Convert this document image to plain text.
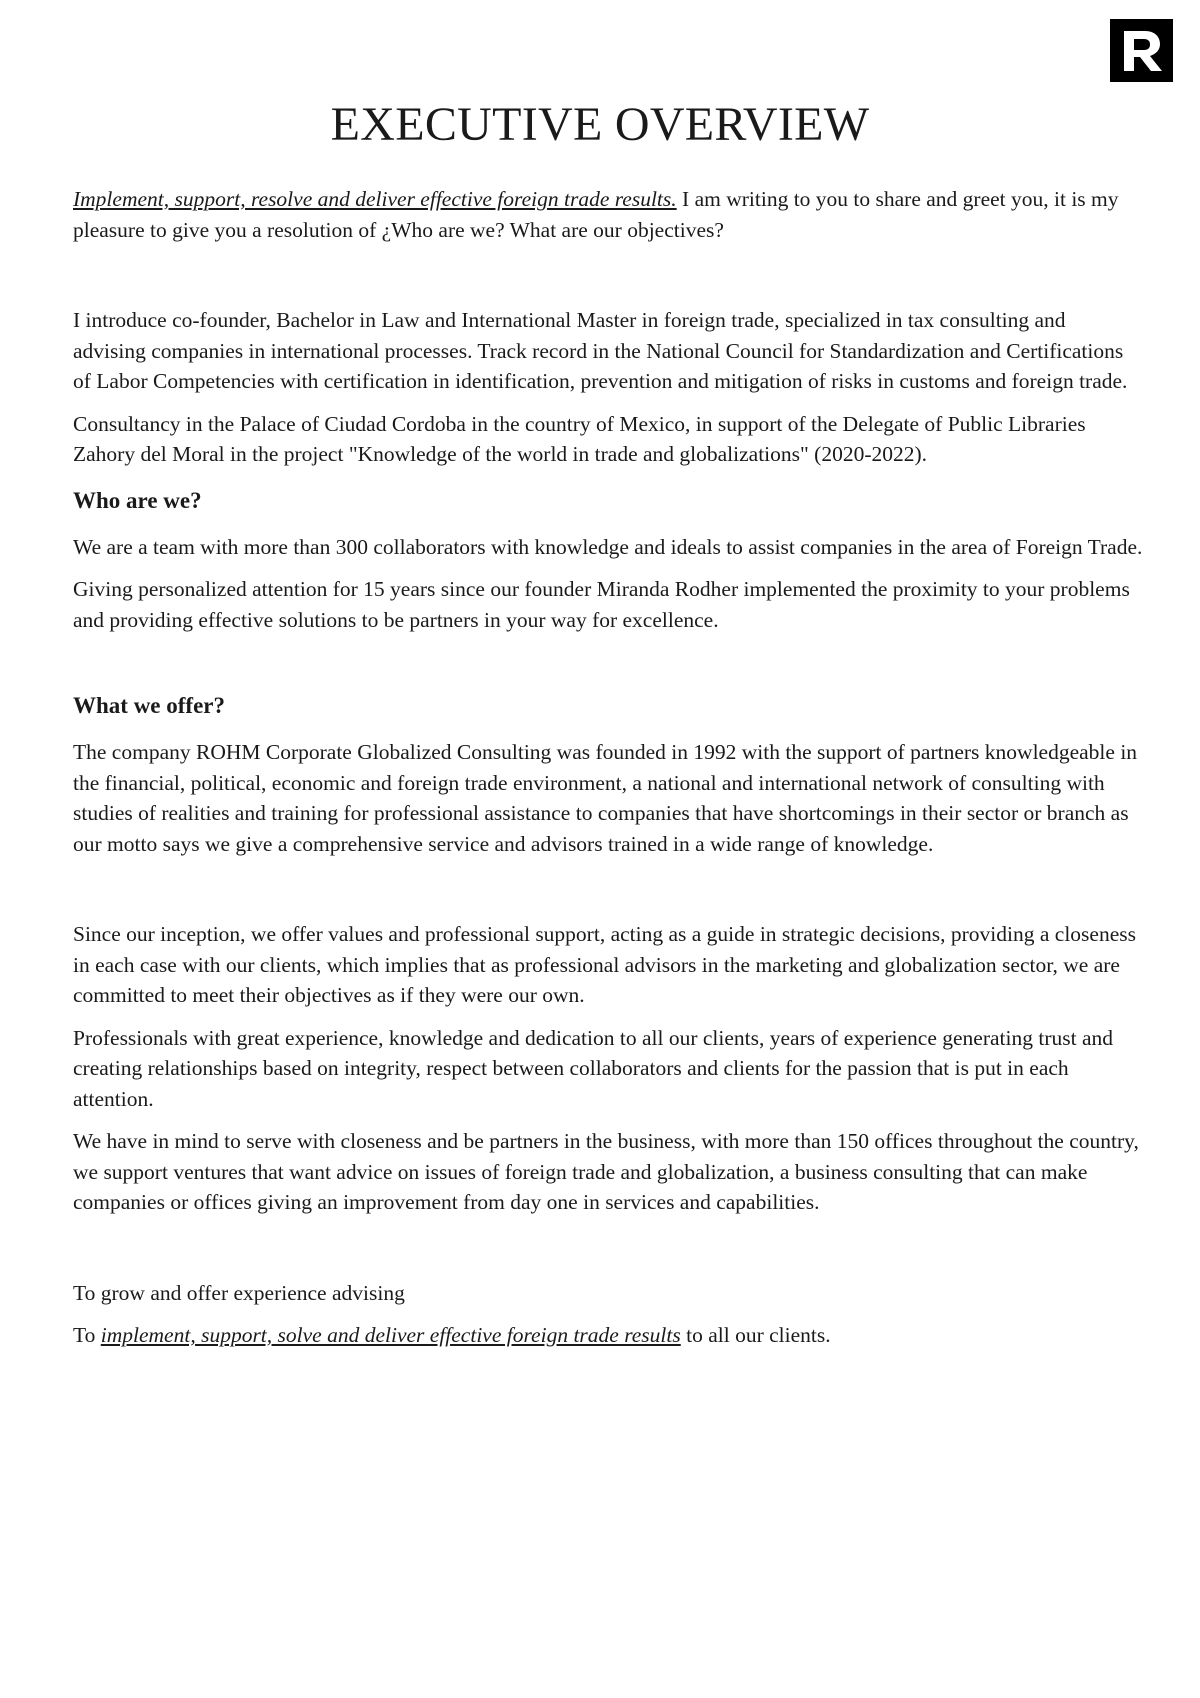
EXECUTIVE OVERVIEW

Implement, support, resolve and deliver effective foreign trade results. I am writing to you to share and greet you, it is my pleasure to give you a resolution of ¿Who are we? What are our objectives?

I introduce co-founder, Bachelor in Law and International Master in foreign trade, specialized in tax consulting and advising companies in international processes. Track record in the National Council for Standardization and Certifications of Labor Competencies with certification in identification, prevention and mitigation of risks in customs and foreign trade.

Consultancy in the Palace of Ciudad Cordoba in the country of Mexico, in support of the Delegate of Public Libraries Zahory del Moral in the project "Knowledge of the world in trade and globalizations" (2020-2022).

Who are we?

We are a team with more than 300 collaborators with knowledge and ideals to assist companies in the area of Foreign Trade.

Giving personalized attention for 15 years since our founder Miranda Rodher implemented the proximity to your problems and providing effective solutions to be partners in your way for excellence.

What we offer?

The company ROHM Corporate Globalized Consulting was founded in 1992 with the support of partners knowledgeable in the financial, political, economic and foreign trade environment, a national and international network of consulting with studies of realities and training for professional assistance to companies that have shortcomings in their sector or branch as our motto says we give a comprehensive service and advisors trained in a wide range of knowledge.

Since our inception, we offer values and professional support, acting as a guide in strategic decisions, providing a closeness in each case with our clients, which implies that as professional advisors in the marketing and globalization sector, we are committed to meet their objectives as if they were our own.

Professionals with great experience, knowledge and dedication to all our clients, years of experience generating trust and creating relationships based on integrity, respect between collaborators and clients for the passion that is put in each attention.

We have in mind to serve with closeness and be partners in the business, with more than 150 offices throughout the country, we support ventures that want advice on issues of foreign trade and globalization, a business consulting that can make companies or offices giving an improvement from day one in services and capabilities.

To grow and offer experience advising

To implement, support, solve and deliver effective foreign trade results to all our clients.
